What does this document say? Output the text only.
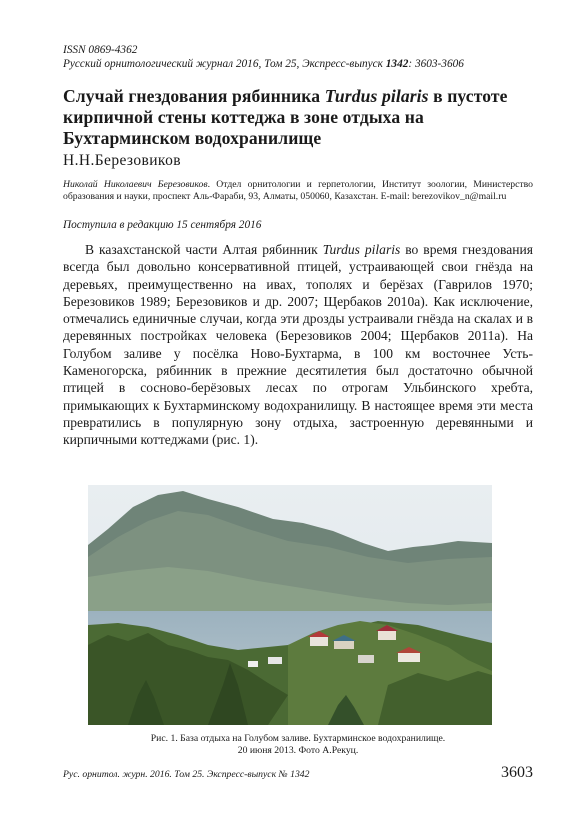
ISSN 0869-4362
Русский орнитологический журнал 2016, Том 25, Экспресс-выпуск 1342: 3603-3606
Случай гнездования рябинника Turdus pilaris в пустоте кирпичной стены коттеджа в зоне отдыха на Бухтарминском водохранилище
Н.Н.Березовиков
Николай Николаевич Березовиков. Отдел орнитологии и герпетологии, Институт зоологии, Министерство образования и науки, проспект Аль-Фараби, 93, Алматы, 050060, Казахстан. E-mail: berezovikov_n@mail.ru
Поступила в редакцию 15 сентября 2016

В казахстанской части Алтая рябинник Turdus pilaris во время гнездования всегда был довольно консервативной птицей, устраивающей свои гнёзда на деревьях, преимущественно на ивах, тополях и берёзах (Гаврилов 1970; Березовиков 1989; Березовиков и др. 2007; Щербаков 2010а). Как исключение, отмечались единичные случаи, когда эти дрозды устраивали гнёзда на скалах и в деревянных постройках человека (Березовиков 2004; Щербаков 2011а). На Голубом заливе у посёлка Ново-Бухтарма, в 100 км восточнее Усть-Каменогорска, рябинник в прежние десятилетия был достаточно обычной птицей в сосново-берёзовых лесах по отрогам Ульбинского хребта, примыкающих к Бухтарминскому водохранилищу. В настоящее время эти места превратились в популярную зону отдыха, застроенную деревянными и кирпичными коттеджами (рис. 1).

Рис. 1. База отдыха на Голубом заливе. Бухтарминское водохранилище.
20 июня 2013. Фото А.Рекуц.
Рус. орнитол. журн. 2016. Том 25. Экспресс-выпуск № 1342	3603
